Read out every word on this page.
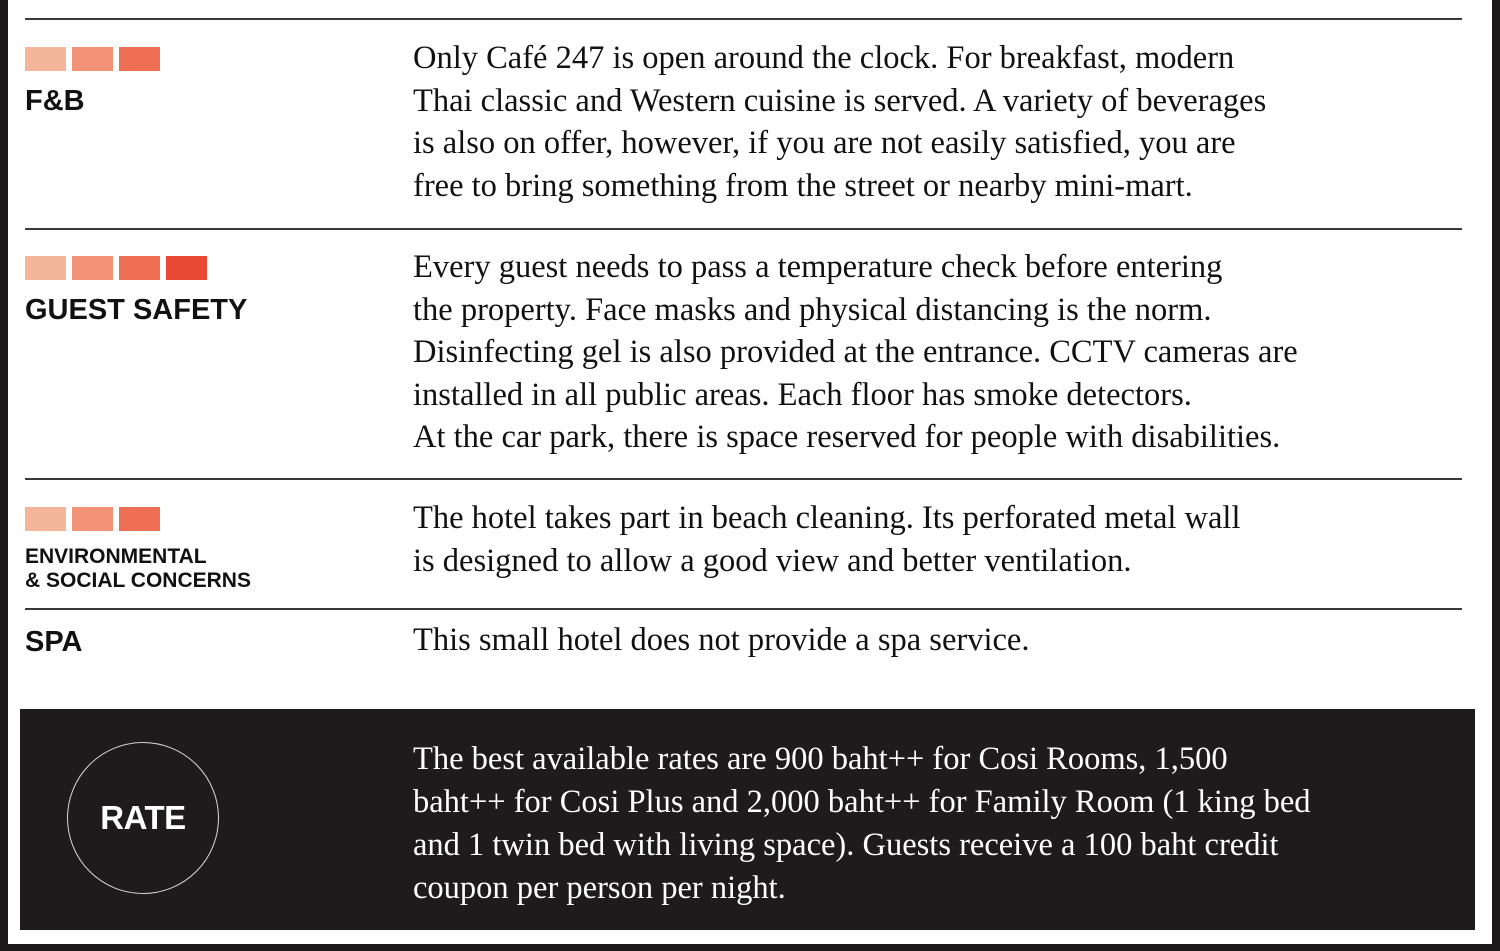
F&B

Only Café 247 is open around the clock. For breakfast, modern
Thai classic and Western cuisine is served. A variety of beverages
is also on offer, however, if you are not easily satisfied, you are
free to bring something from the street or nearby mini-mart.

GUEST SAFETY

Every guest needs to pass a temperature check before entering
the property. Face masks and physical distancing is the norm.
Disinfecting gel is also provided at the entrance. CCTV cameras are
installed in all public areas. Each floor has smoke detectors.
At the car park, there is space reserved for people with disabilities.

ENVIRONMENTAL
& SOCIAL CONCERNS

The hotel takes part in beach cleaning. Its perforated metal wall
is designed to allow a good view and better ventilation.

SPA	This small hotel does not provide a spa service.

RATE

The best available rates are 900 baht++ for Cosi Rooms, 1,500
baht++ for Cosi Plus and 2,000 baht++ for Family Room (1 king bed
and 1 twin bed with living space). Guests receive a 100 baht credit
coupon per person per night.
